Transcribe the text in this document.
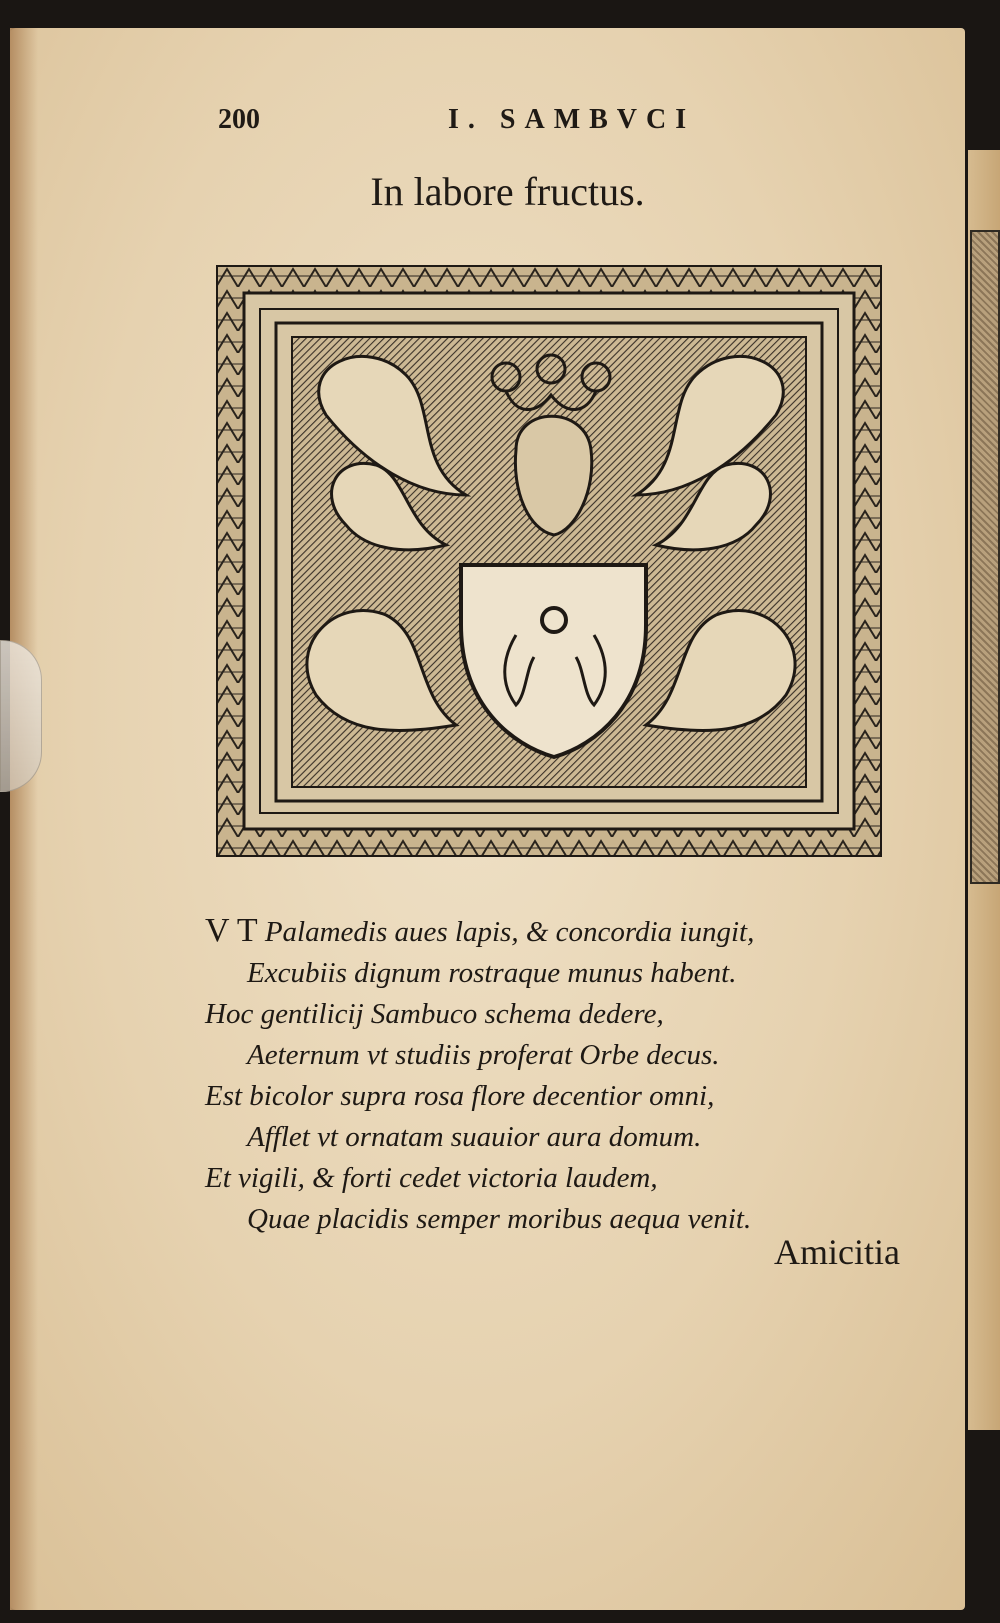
200	I. SAMBVCI
In labore fructus.
V T Palamedis aues lapis, & concordia iungit,
Excubiis dignum rostraque munus habent.
Hoc gentilicij Sambuco schema dedere,
Aeternum vt studiis proferat Orbe decus.
Est bicolor supra rosa flore decentior omni,
Afflet vt ornatam suauior aura domum.
Et vigili, & forti cedet victoria laudem,
Quae placidis semper moribus aequa venit.
Amicitia
